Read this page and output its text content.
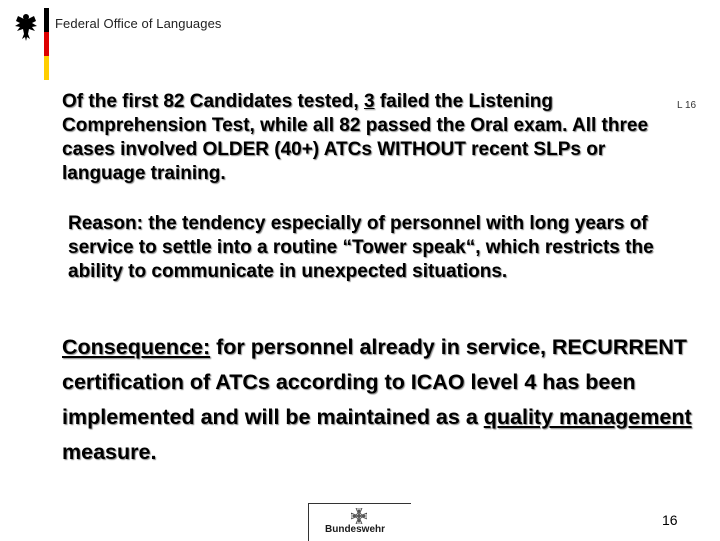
Federal Office of Languages
L 16
Of the first 82 Candidates tested, 3 failed the Listening Comprehension Test, while all 82 passed the Oral exam. All three cases involved OLDER (40+) ATCs WITHOUT recent SLPs or language training.
Reason: the tendency especially of personnel with long years of service to settle into a routine “Tower speak“, which restricts the ability to communicate in unexpected situations.
Consequence: for personnel already in service, RECURRENT certification of ATCs according to ICAO level 4 has been implemented and will be maintained as a quality management measure.
Bundeswehr
16
